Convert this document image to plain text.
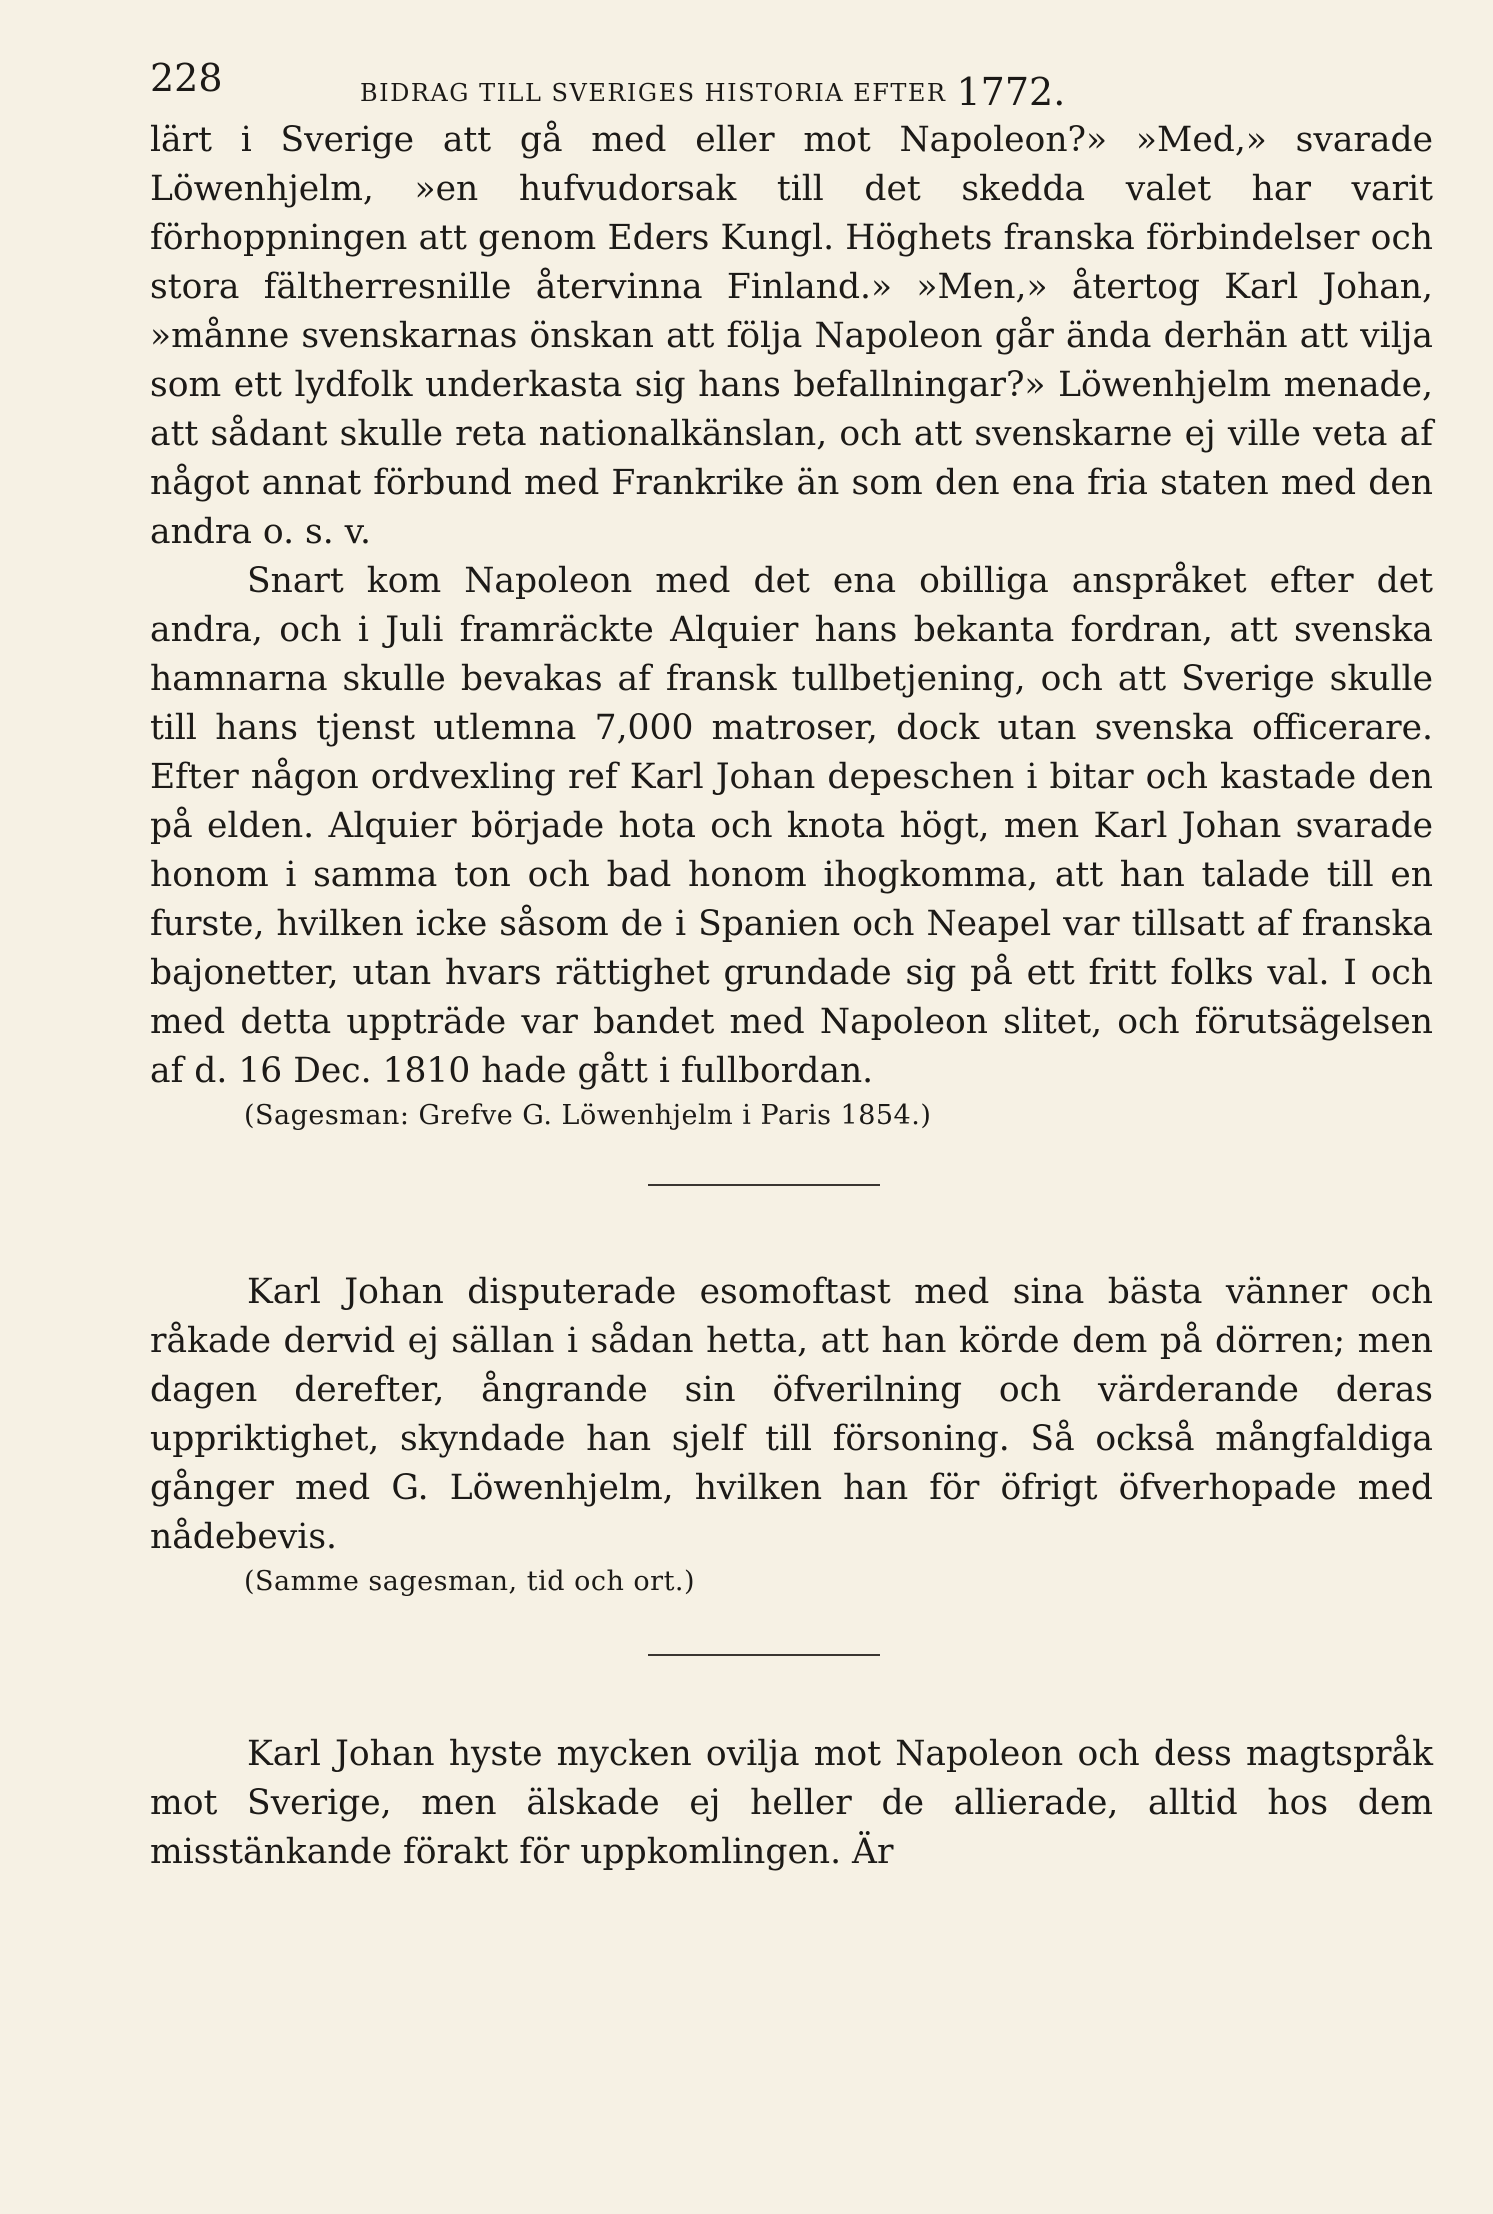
228	BIDRAG TILL SVERIGES HISTORIA EFTER 1772.

lärt i Sverige att gå med eller mot Napoleon?» »Med,» svarade Löwenhjelm, »en hufvudorsak till det skedda valet har varit förhoppningen att genom Eders Kungl. Höghets franska förbindelser och stora fältherresnille återvinna Finland.» »Men,» återtog Karl Johan, »månne svenskarnas önskan att följa Napoleon går ända derhän att vilja som ett lydfolk underkasta sig hans befallningar?» Löwenhjelm menade, att sådant skulle reta nationalkänslan, och att svenskarne ej ville veta af något annat förbund med Frankrike än som den ena fria staten med den andra o. s. v.

Snart kom Napoleon med det ena obilliga anspråket efter det andra, och i Juli framräckte Alquier hans bekanta fordran, att svenska hamnarna skulle bevakas af fransk tullbetjening, och att Sverige skulle till hans tjenst utlemna 7,000 matroser, dock utan svenska officerare. Efter någon ordvexling ref Karl Johan depeschen i bitar och kastade den på elden. Alquier började hota och knota högt, men Karl Johan svarade honom i samma ton och bad honom ihogkomma, att han talade till en furste, hvilken icke såsom de i Spanien och Neapel var tillsatt af franska bajonetter, utan hvars rättighet grundade sig på ett fritt folks val. I och med detta uppträde var bandet med Napoleon slitet, och förutsägelsen af d. 16 Dec. 1810 hade gått i fullbordan.

(Sagesman: Grefve G. Löwenhjelm i Paris 1854.)

Karl Johan disputerade esomoftast med sina bästa vänner och råkade dervid ej sällan i sådan hetta, att han körde dem på dörren; men dagen derefter, ångrande sin öfverilning och värderande deras uppriktighet, skyndade han sjelf till försoning. Så också mångfaldiga gånger med G. Löwenhjelm, hvilken han för öfrigt öfverhopade med nådebevis.

(Samme sagesman, tid och ort.)

Karl Johan hyste mycken ovilja mot Napoleon och dess magtspråk mot Sverige, men älskade ej heller de allierade, alltid hos dem misstänkande förakt för uppkomlingen. Är
